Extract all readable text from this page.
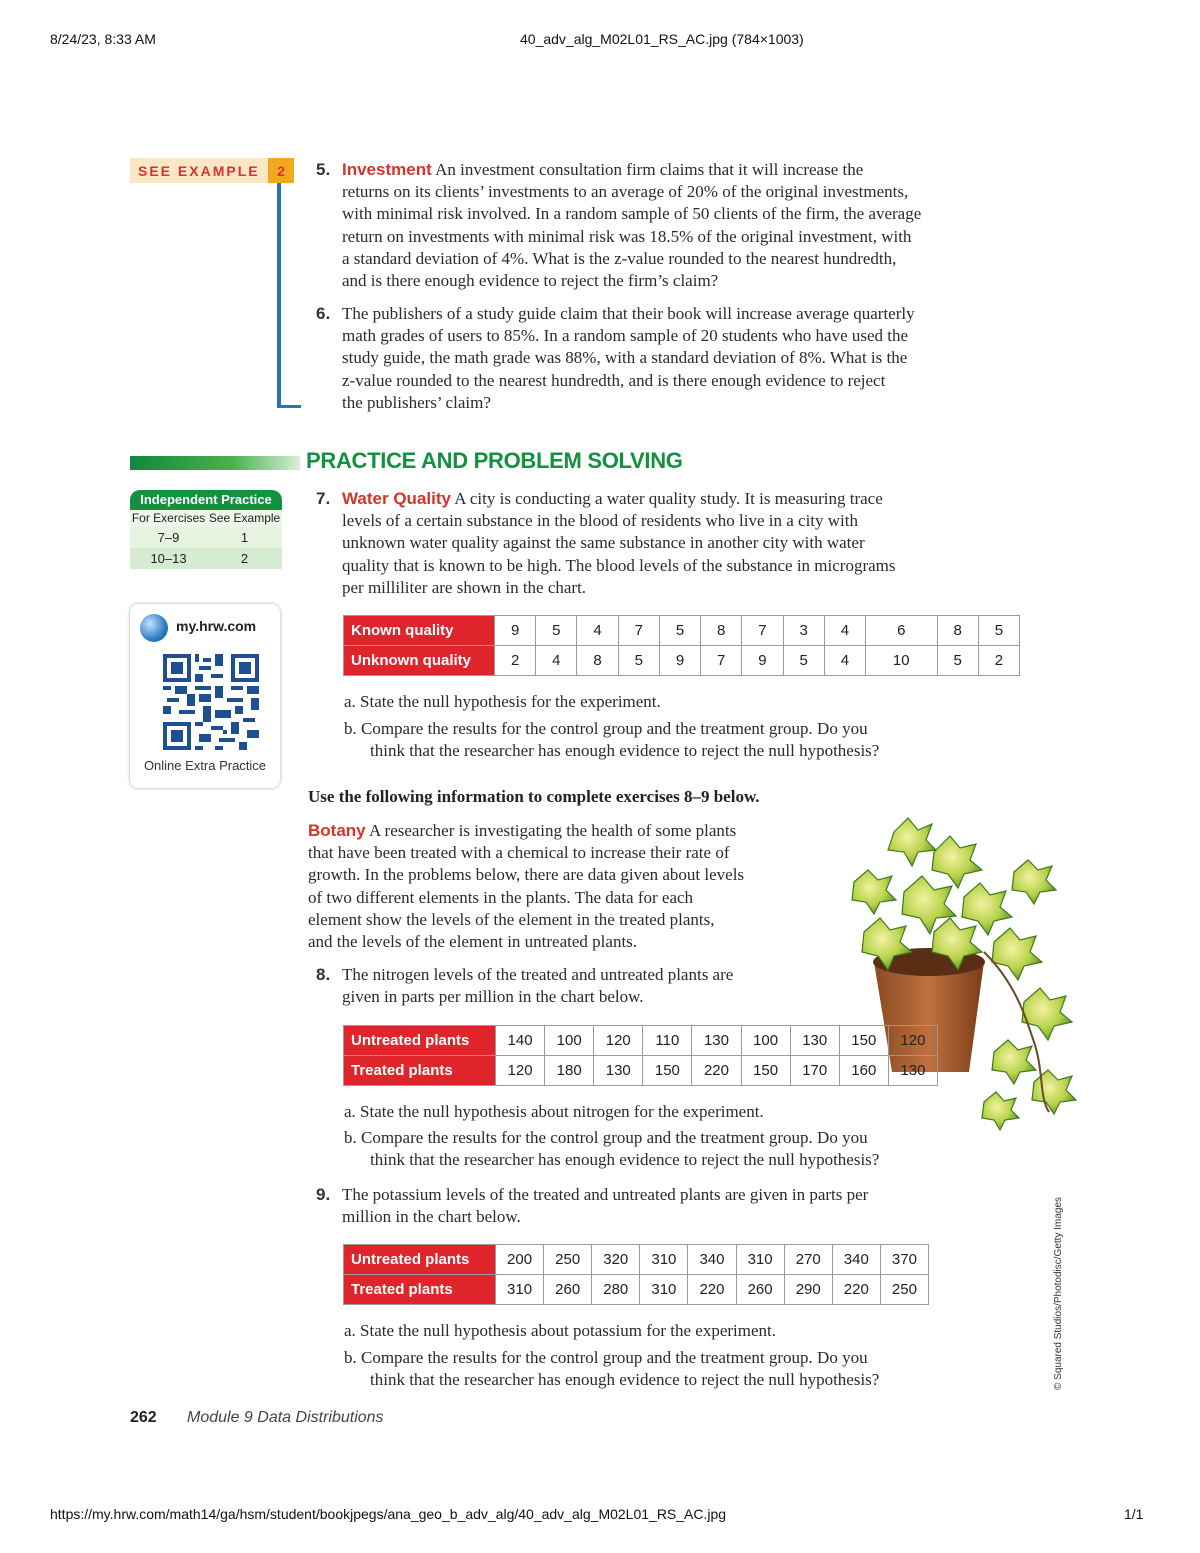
8/24/23, 8:33 AM	40_adv_alg_M02L01_RS_AC.jpg (784×1003)
SEE EXAMPLE	2	5. Investment An investment consultation firm claims that it will increase the
returns on its clients’ investments to an average of 20% of the original investments,
with minimal risk involved. In a random sample of 50 clients of the firm, the average
return on investments with minimal risk was 18.5% of the original investment, with
a standard deviation of 4%. What is the z-value rounded to the nearest hundredth,
and is there enough evidence to reject the firm’s claim?
6. The publishers of a study guide claim that their book will increase average quarterly
math grades of users to 85%. In a random sample of 20 students who have used the
study guide, the math grade was 88%, with a standard deviation of 8%. What is the
z-value rounded to the nearest hundredth, and is there enough evidence to reject
the publishers’ claim?
PRACTICE AND PROBLEM SOLVING
Independent Practice
For Exercises	See Example
7–9	1
10–13	2
my.hrw.com
Online Extra Practice
7. Water Quality A city is conducting a water quality study. It is measuring trace
levels of a certain substance in the blood of residents who live in a city with
unknown water quality against the same substance in another city with water
quality that is known to be high. The blood levels of the substance in micrograms
per milliliter are shown in the chart.
Known quality	9	5	4	7	5	8	7	3	4	6	8	5
Unknown quality	2	4	8	5	9	7	9	5	4	10	5	2
a. State the null hypothesis for the experiment.
b. Compare the results for the control group and the treatment group. Do you
think that the researcher has enough evidence to reject the null hypothesis?
Use the following information to complete exercises 8–9 below.
Botany A researcher is investigating the health of some plants
that have been treated with a chemical to increase their rate of
growth. In the problems below, there are data given about levels
of two different elements in the plants. The data for each
element show the levels of the element in the treated plants,
and the levels of the element in untreated plants.
8. The nitrogen levels of the treated and untreated plants are
given in parts per million in the chart below.
Untreated plants	140	100	120	110	130	100	130	150	120
Treated plants	120	180	130	150	220	150	170	160	130
a. State the null hypothesis about nitrogen for the experiment.
b. Compare the results for the control group and the treatment group. Do you
think that the researcher has enough evidence to reject the null hypothesis?
9. The potassium levels of the treated and untreated plants are given in parts per
million in the chart below.
Untreated plants	200	250	320	310	340	310	270	340	370
Treated plants	310	260	280	310	220	260	290	220	250
a. State the null hypothesis about potassium for the experiment.
b. Compare the results for the control group and the treatment group. Do you
think that the researcher has enough evidence to reject the null hypothesis?	© Squared Studios/Photodisc/Getty Images
262 Module 9 Data Distributions
https://my.hrw.com/math14/ga/hsm/student/bookjpegs/ana_geo_b_adv_alg/40_adv_alg_M02L01_RS_AC.jpg	1/1
